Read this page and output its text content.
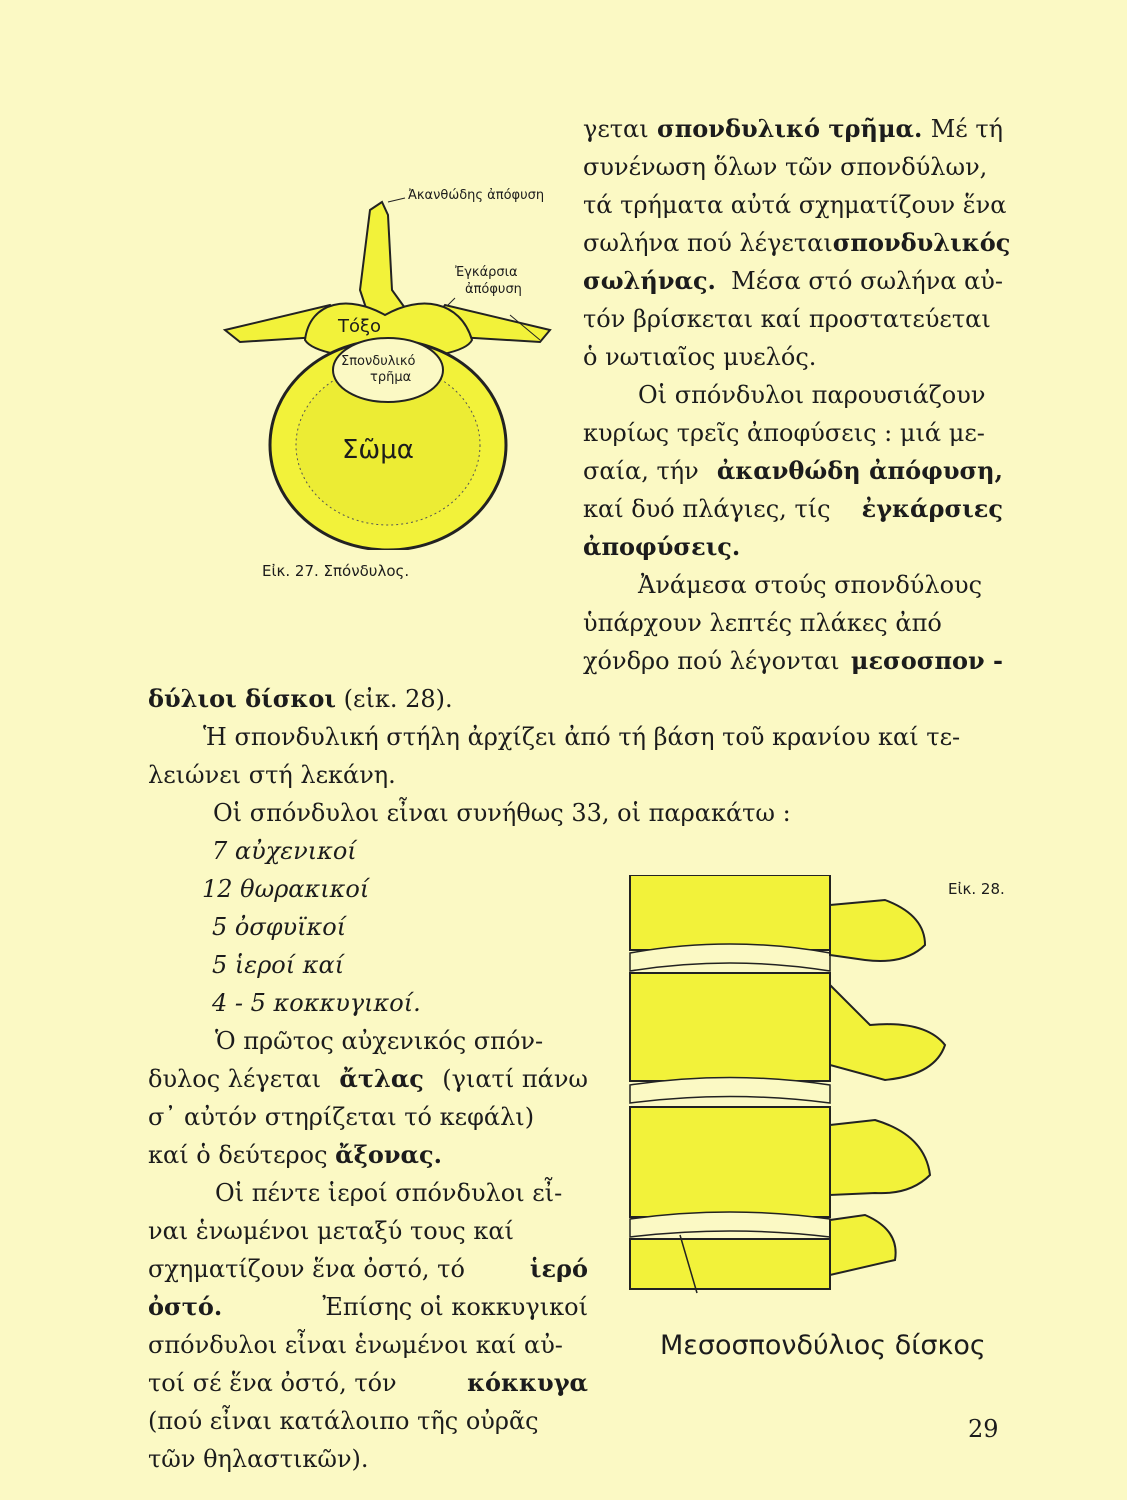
Ἀκανθώδης ἀπόφυση
Ἐγκάρσια
ἀπόφυση
Τόξο
Σπονδυλικό
τρῆμα
Σῶμα
Εἰκ. 27. Σπόνδυλος.
γεται σπονδυλικό τρῆμα. Μέ τή
συνένωση ὅλων τῶν σπονδύλων,
τά τρήματα αὐτά σχηματίζουν ἕνα
σωλήνα πού λέγεται σπονδυλικός
σωλήνας. Μέσα στό σωλήνα αὐ-
τόν βρίσκεται καί προστατεύεται
ὁ νωτιαῖος μυελός.
Οἱ σπόνδυλοι παρουσιάζουν
κυρίως τρεῖς ἀποφύσεις : μιά με-
σαία, τήν ἀκανθώδη ἀπόφυση,
καί δυό πλάγιες, τίς ἐγκάρσιες
ἀποφύσεις.
Ἀνάμεσα στούς σπονδύλους
ὑπάρχουν λεπτές πλάκες ἀπό
χόνδρο πού λέγονται μεσοσπον -
δύλιοι δίσκοι (εἰκ. 28).
Ἡ σπονδυλική στήλη ἀρχίζει ἀπό τή βάση τοῦ κρανίου καί τε-
λειώνει στή λεκάνη.
Οἱ σπόνδυλοι εἶναι συνήθως 33, οἱ παρακάτω :
7 αὐχενικοί
12 θωρακικοί
5 ὀσφυϊκοί
5 ἱεροί καί
4 - 5 κοκκυγικοί.
Εἰκ. 28.
Ὁ πρῶτος αὐχενικός σπόν-
δυλος λέγεται ἄτλας (γιατί πάνω
σ᾽ αὐτόν στηρίζεται τό κεφάλι)
καί ὁ δεύτερος ἄξονας.
Οἱ πέντε ἱεροί σπόνδυλοι εἶ-
ναι ἑνωμένοι μεταξύ τους καί
σχηματίζουν ἕνα ὀστό, τό	ἱερό
ὀστό.	Ἐπίσης οἱ κοκκυγικοί
σπόνδυλοι εἶναι ἑνωμένοι καί αὐ-
τοί σέ ἕνα ὀστό, τόν	κόκκυγα
(πού εἶναι κατάλοιπο τῆς οὐρᾶς
τῶν θηλαστικῶν).
Μεσοσπονδύλιος δίσκος
29
